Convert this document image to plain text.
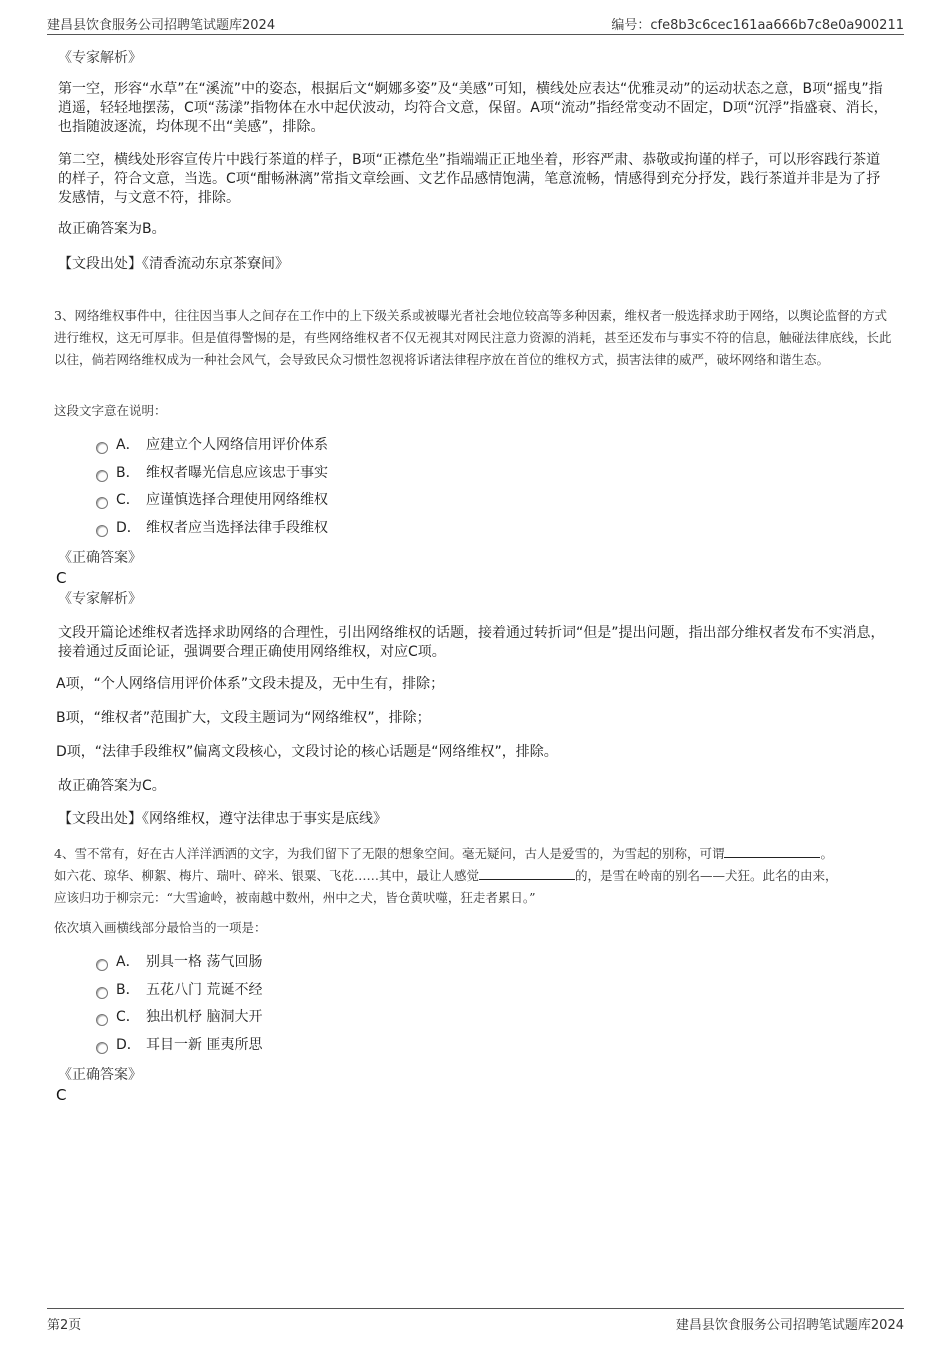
建昌县饮食服务公司招聘笔试题库2024	编号：cfe8b3c6cec161aa666b7c8e0a900211
《专家解析》

第一空，形容“水草”在“溪流”中的姿态，根据后文“婀娜多姿”及“美感”可知，横线处应表达“优雅灵动”的运动状态之意，B项“摇曳”指逍遥，轻轻地摆荡，C项“荡漾”指物体在水中起伏波动，均符合文意，保留。A项“流动”指经常变动不固定，D项“沉浮”指盛衰、消长，也指随波逐流，均体现不出“美感”，排除。

第二空，横线处形容宣传片中践行茶道的样子，B项“正襟危坐”指端端正正地坐着，形容严肃、恭敬或拘谨的样子，可以形容践行茶道的样子，符合文意，当选。C项“酣畅淋漓”常指文章绘画、文艺作品感情饱满，笔意流畅，情感得到充分抒发，践行茶道并非是为了抒发感情，与文意不符，排除。

故正确答案为B。

【文段出处】《清香流动东京茶寮间》

3、网络维权事件中，往往因当事人之间存在工作中的上下级关系或被曝光者社会地位较高等多种因素，维权者一般选择求助于网络，以舆论监督的方式进行维权，这无可厚非。但是值得警惕的是，有些网络维权者不仅无视其对网民注意力资源的消耗，甚至还发布与事实不符的信息，触碰法律底线，长此以往，倘若网络维权成为一种社会风气，会导致民众习惯性忽视将诉诸法律程序放在首位的维权方式，损害法律的威严，破坏网络和谐生态。

这段文字意在说明：

A． 应建立个人网络信用评价体系
B． 维权者曝光信息应该忠于事实
C． 应谨慎选择合理使用网络维权
D． 维权者应当选择法律手段维权
《正确答案》
C
《专家解析》

文段开篇论述维权者选择求助网络的合理性，引出网络维权的话题，接着通过转折词“但是”提出问题，指出部分维权者发布不实消息，接着通过反面论证，强调要合理正确使用网络维权，对应C项。

A项，“个人网络信用评价体系”文段未提及，无中生有，排除；

B项，“维权者”范围扩大，文段主题词为“网络维权”，排除；

D项，“法律手段维权”偏离文段核心，文段讨论的核心话题是“网络维权”，排除。

故正确答案为C。

【文段出处】《网络维权，遵守法律忠于事实是底线》

4、雪不常有，好在古人洋洋洒洒的文字，为我们留下了无限的想象空间。毫无疑问，古人是爱雪的，为雪起的别称，可谓	。
如六花、琼华、柳絮、梅片、瑞叶、碎米、银粟、飞花……其中，最让人感觉	的，是雪在岭南的别名——犬狂。此名的由来，
应该归功于柳宗元：“大雪逾岭，被南越中数州，州中之犬，皆仓黄吠噬，狂走者累日。”

依次填入画横线部分最恰当的一项是：

A． 别具一格 荡气回肠
B． 五花八门 荒诞不经
C． 独出机杼 脑洞大开
D． 耳目一新 匪夷所思
《正确答案》
C
第2页	建昌县饮食服务公司招聘笔试题库2024
